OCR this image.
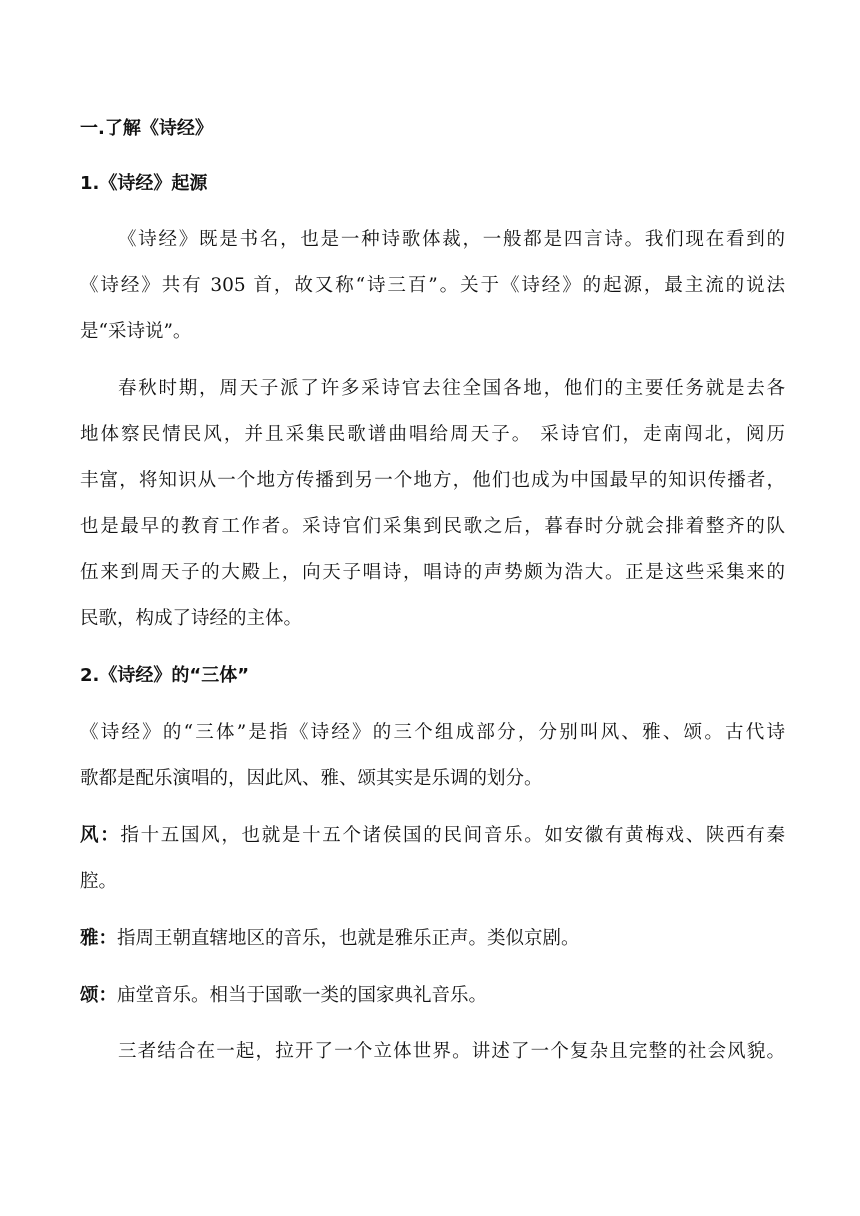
一.了解《诗经》
1.《诗经》起源
《诗经》既是书名，也是一种诗歌体裁，一般都是四言诗。我们现在看到的
《诗经》共有 305 首，故又称“诗三百”。关于《诗经》的起源，最主流的说法
是“采诗说”。
春秋时期，周天子派了许多采诗官去往全国各地，他们的主要任务就是去各
地体察民情民风，并且采集民歌谱曲唱给周天子。 采诗官们，走南闯北，阅历
丰富，将知识从一个地方传播到另一个地方，他们也成为中国最早的知识传播者，
也是最早的教育工作者。采诗官们采集到民歌之后，暮春时分就会排着整齐的队
伍来到周天子的大殿上，向天子唱诗，唱诗的声势颇为浩大。正是这些采集来的
民歌，构成了诗经的主体。
2.《诗经》的“三体”
《诗经》的“三体”是指《诗经》的三个组成部分，分别叫风、雅、颂。古代诗
歌都是配乐演唱的，因此风、雅、颂其实是乐调的划分。
风：指十五国风，也就是十五个诸侯国的民间音乐。如安徽有黄梅戏、陕西有秦
腔。
雅：指周王朝直辖地区的音乐，也就是雅乐正声。类似京剧。
颂：庙堂音乐。相当于国歌一类的国家典礼音乐。
三者结合在一起，拉开了一个立体世界。讲述了一个复杂且完整的社会风貌。
